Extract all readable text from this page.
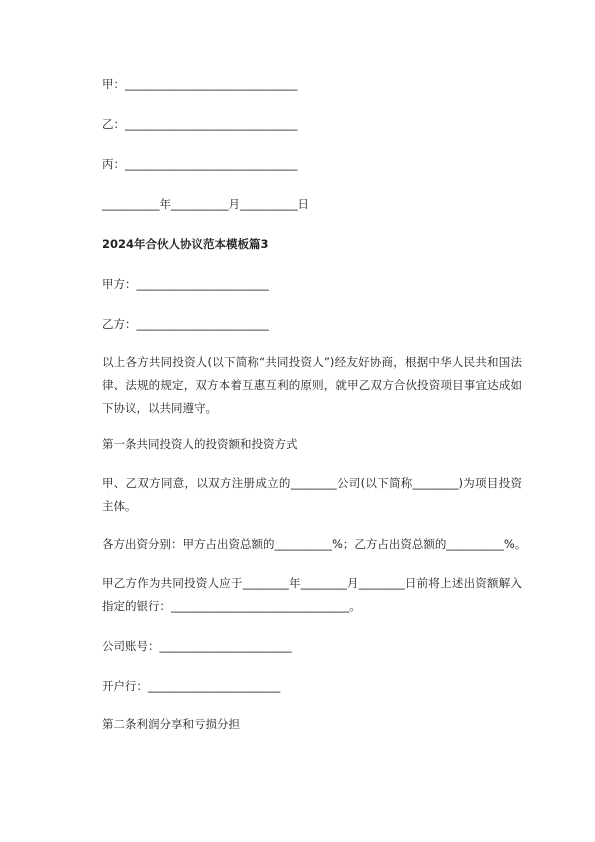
甲：______________________________
乙：______________________________
丙：______________________________
__________年__________月__________日
2024年合伙人协议范本模板篇3
甲方：_______________________
乙方：_______________________
以上各方共同投资人(以下简称“共同投资人”)经友好协商，根据中华人民共和国法律、法规的规定，双方本着互惠互利的原则，就甲乙双方合伙投资项目事宜达成如下协议，以共同遵守。
第一条共同投资人的投资额和投资方式
甲、乙双方同意，以双方注册成立的________公司(以下简称________)为项目投资主体。
各方出资分别：甲方占出资总额的__________%；乙方占出资总额的__________%。
甲乙方作为共同投资人应于________年________月________日前将上述出资额解入指定的银行：_______________________________。
公司账号：_______________________
开户行：_______________________
第二条利润分享和亏损分担
